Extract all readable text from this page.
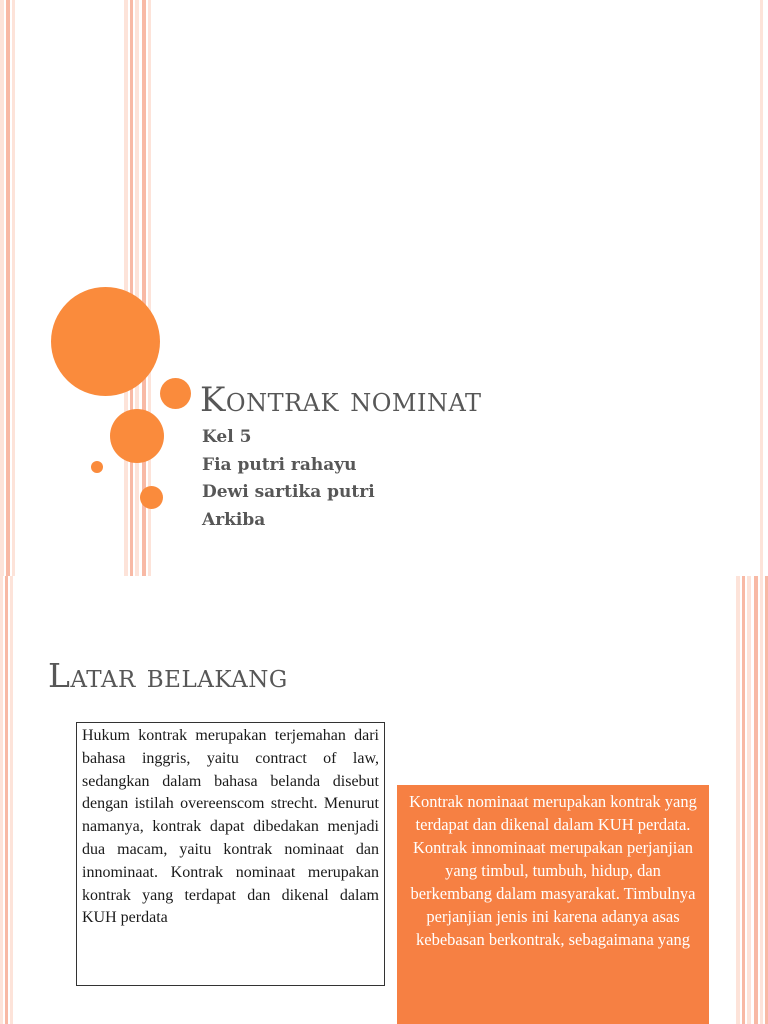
Kontrak nominat
Kel 5
Fia putri rahayu
Dewi sartika putri
Arkiba
Latar belakang

Hukum kontrak merupakan terjemahan dari bahasa inggris, yaitu contract of law, sedangkan dalam bahasa belanda disebut dengan istilah overeenscom strecht. Menurut namanya, kontrak dapat dibedakan menjadi dua macam, yaitu kontrak nominaat dan innominaat. Kontrak nominaat merupakan kontrak yang terdapat dan dikenal dalam KUH perdata

Kontrak nominaat merupakan kontrak yang terdapat dan dikenal dalam KUH perdata. Kontrak innominaat merupakan perjanjian yang timbul, tumbuh, hidup, dan berkembang dalam masyarakat. Timbulnya perjanjian jenis ini karena adanya asas kebebasan berkontrak, sebagaimana yang
